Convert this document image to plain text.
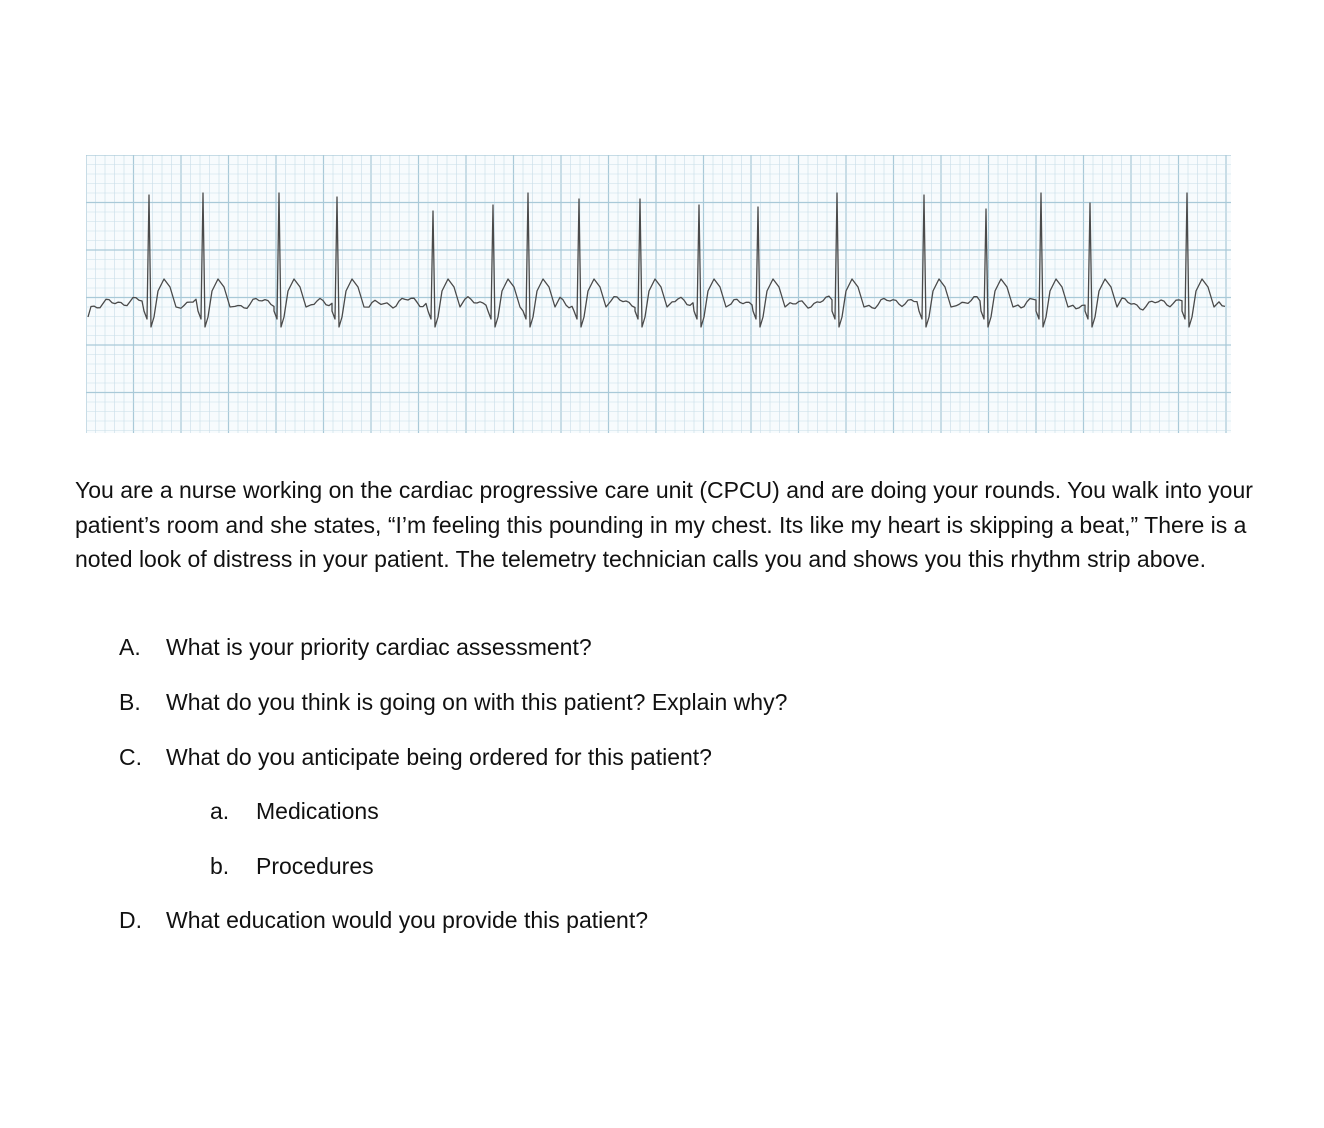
You are a nurse working on the cardiac progressive care unit (CPCU) and are doing your rounds. You walk into your patient’s room and she states, “I’m feeling this pounding in my chest. Its like my heart is skipping a beat,” There is a noted look of distress in your patient. The telemetry technician calls you and shows you this rhythm strip above.

A. What is your priority cardiac assessment?
B. What do you think is going on with this patient? Explain why?
C. What do you anticipate being ordered for this patient?
a. Medications
b. Procedures
D. What education would you provide this patient?
